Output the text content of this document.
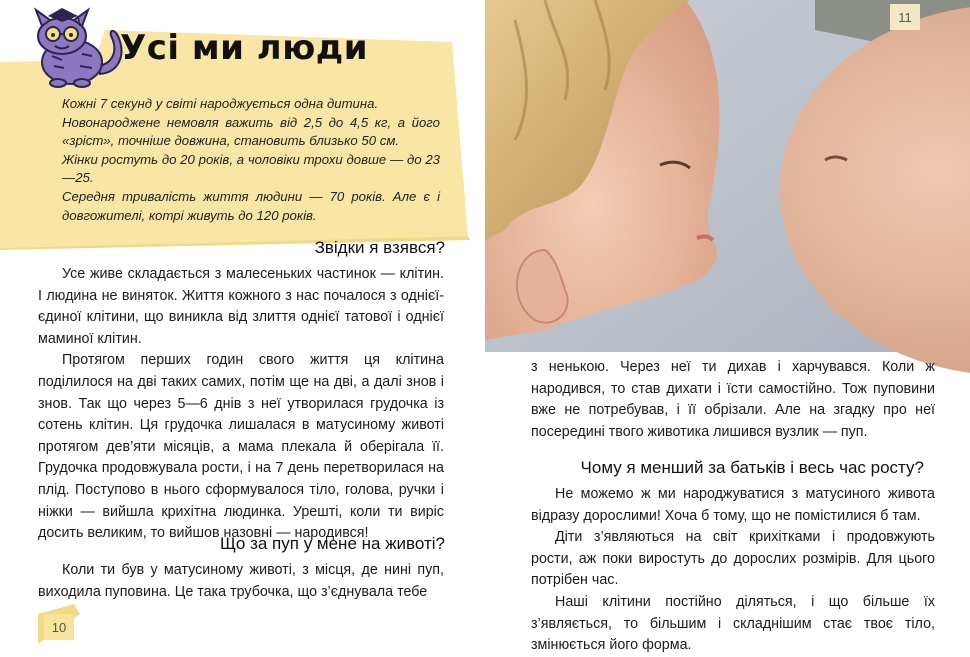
Усі ми люди

Кожні 7 секунд у світі народжується одна дитина.

Новонароджене немовля важить від 2,5 до 4,5 кг, а його «зріст», точніше довжина, становить близько 50 см.

Жінки ростуть до 20 років, а чоловіки трохи довше — до 23—25.

Середня тривалість життя людини — 70 років. Але є і довгожителі, котрі живуть до 120 років.

Звідки я взявся?

Усе живе складається з малесеньких частинок — клітин. І людина не виняток. Життя кожного з нас почалося з однієї-єдиної клітини, що виникла від злиття однієї татової і однієї маминої клітин.

Протягом перших годин свого життя ця клітина поділилося на дві таких самих, потім ще на дві, а далі знов і знов. Так що через 5—6 днів з неї утворилася грудочка із сотень клітин. Ця грудочка лишалася в матусиному животі протягом дев’яти місяців, а мама плекала й оберігала її. Грудочка продовжувала рости, і на 7 день перетворилася на плід. Поступово в нього сформувалося тіло, голова, ручки і ніжки — вийшла крихітна людинка. Урешті, коли ти виріс досить великим, то вийшов назовні — народився!

Що за пуп у мене на животі?

Коли ти був у матусиному животі, з місця, де нині пуп, виходила пуповина. Це така трубочка, що з’єднувала тебе

10
11

з ненькою. Через неї ти дихав і харчувався. Коли ж народився, то став дихати і їсти самостійно. Тож пуповини вже не потребував, і її обрізали. Але на згадку про неї посередині твого животика лишився вузлик — пуп.

Чому я менший за батьків і весь час росту?

Не можемо ж ми народжуватися з матусиного живота відразу дорослими! Хоча б тому, що не помістилися б там.

Діти з’являються на світ крихітками і продовжують рости, аж поки виростуть до дорослих розмірів. Для цього потрібен час.

Наші клітини постійно діляться, і що більше їх з’являється, то більшим і складнішим стає твоє тіло, змінюється його форма.
